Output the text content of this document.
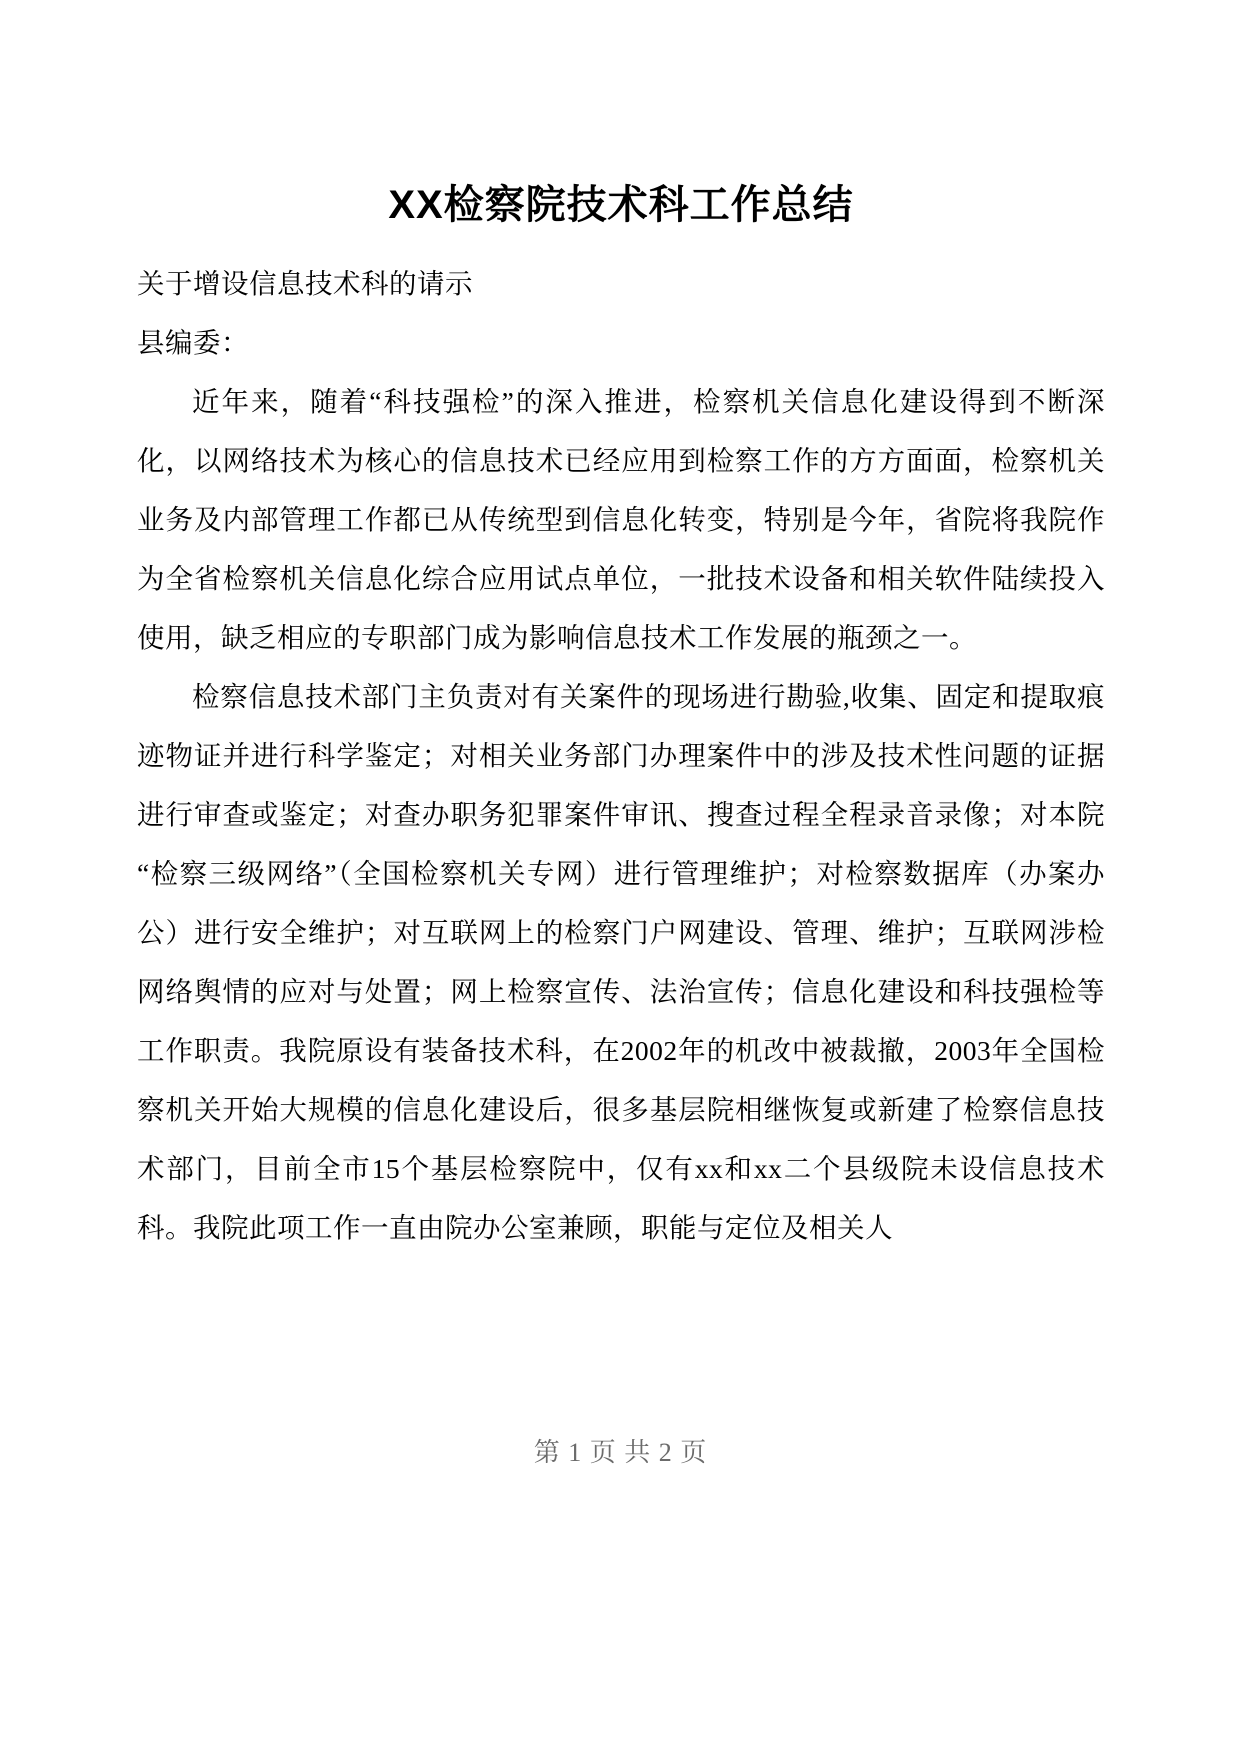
XX检察院技术科工作总结

关于增设信息技术科的请示

县编委：

近年来，随着“科技强检”的深入推进，检察机关信息化建设得到不断深化，以网络技术为核心的信息技术已经应用到检察工作的方方面面，检察机关业务及内部管理工作都已从传统型到信息化转变，特别是今年，省院将我院作为全省检察机关信息化综合应用试点单位，一批技术设备和相关软件陆续投入使用，缺乏相应的专职部门成为影响信息技术工作发展的瓶颈之一。

检察信息技术部门主负责对有关案件的现场进行勘验,收集、固定和提取痕迹物证并进行科学鉴定；对相关业务部门办理案件中的涉及技术性问题的证据进行审查或鉴定；对查办职务犯罪案件审讯、搜查过程全程录音录像；对本院“检察三级网络”（全国检察机关专网）进行管理维护；对检察数据库（办案办公）进行安全维护；对互联网上的检察门户网建设、管理、维护；互联网涉检网络舆情的应对与处置；网上检察宣传、法治宣传；信息化建设和科技强检等工作职责。我院原设有装备技术科，在2002年的机改中被裁撤，2003年全国检察机关开始大规模的信息化建设后，很多基层院相继恢复或新建了检察信息技术部门，目前全市15个基层检察院中，仅有xx和xx二个县级院未设信息技术科。我院此项工作一直由院办公室兼顾，职能与定位及相关人

第 1 页 共 2 页
